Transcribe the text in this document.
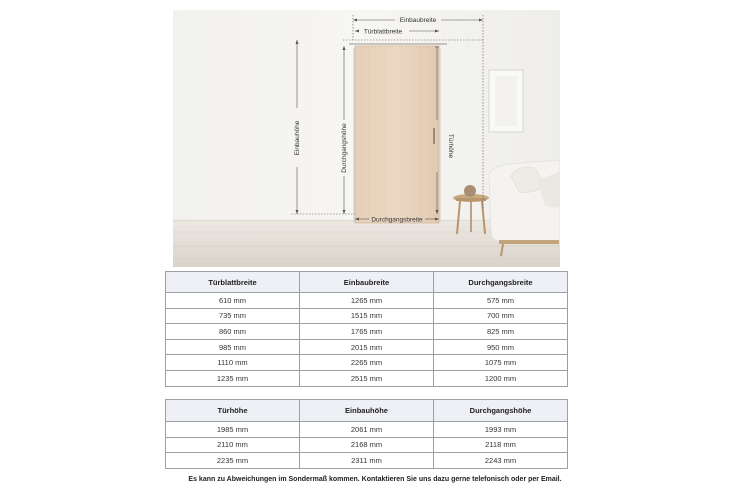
Einbaubreite
Türblattbreite
Einbauhöhe	Durchgangshöhe	Türhöhe
Durchgangsbreite
Türblattbreite	Einbaubreite	Durchgangsbreite
610 mm	1265 mm	575 mm
735 mm	1515 mm	700 mm
860 mm	1765 mm	825 mm
985 mm	2015 mm	950 mm
1110 mm	2265 mm	1075 mm
1235 mm	2515 mm	1200 mm
Türhöhe	Einbauhöhe	Durchgangshöhe
1985 mm	2061 mm	1993 mm
2110 mm	2168 mm	2118 mm
2235 mm	2311 mm	2243 mm
Es kann zu Abweichungen im Sondermaß kommen. Kontaktieren Sie uns dazu gerne telefonisch oder per Email.
